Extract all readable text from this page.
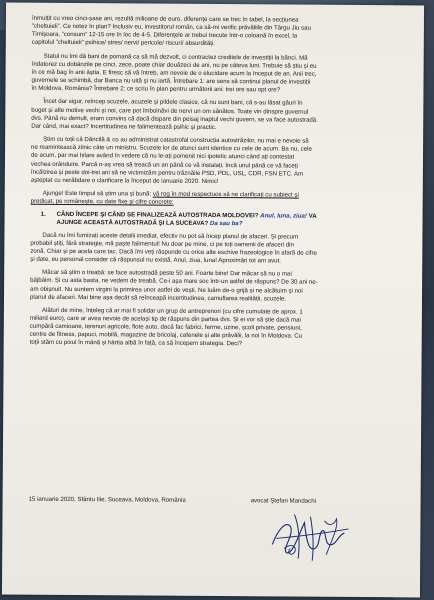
înmulțit cu vreo cinci-șase ani, rezultă milioane de euro, diferențe care se trec în tabel, la secțiunea
”cheltuieli”. Ce notez în plan? Inclusiv eu, investitorul român, ca să-mi verific prăvăliile din Târgu Jiu sau
Timișoara, ”consum” 12-15 ore în loc de 4-5. Diferențele ar trebui trecute într-o coloană în excel, la
capitolul ”cheltuieli” psihice/ stres/ nervi/ pericole/ riscuri/ absurdități.
Statul nu îmi dă bani de pomană ca să mă dezvolt, ci contractez creditele de investiții la bănci. Mă
îndatorez cu dobânzile pe cinci, zece, poate chiar douăzeci de ani, nu pe câteva luni. Trebuie să știu și eu
în ce mă bag în anii ăștia. E firesc să vă întreb, am nevoie de o elucidare acum la început de an. Anii trec,
guvernele se schimbă, dar Banca nu uită și nu iartă. Întrebare 1: are sens să continui planul de investiții
în Moldova, România? Întrebare 2: ce scriu în plan pentru următorii ani: trei ore sau opt ore?
Încet dar sigur, reîncep scuzele, acuzele și pildele clasice, că nu sunt bani, că s-au lăsat găuri în
buget și alte motive vechi și noi, care pot îmbolnăvi de nervi un om sănătos. Toate vin dinspre guvernul
dvs. Până nu demult, eram convins că dacă dispare din peisaj inaptul vechi guvern, se va face autostradă.
Dar când, mai exact? Incertitudinea ne falimentează psihic și practic.
Știm cu toții că Dăncilă & co au administrat catastrofal construcția autostrăzilor, nu mai e nevoie să
ne reamintească zilnic câte un ministru. Scuzele lor de atunci sunt identice cu cele de acum. Ba nu, cele
de acum, par mai hilare având în vedere că nu le-ați pomenit nici ipotetic atunci când ați contestat
vechea orânduire. Parcă n-aș vrea să treacă un an până ce vă instalați, încă unul până ce vă faceți
încălzirea și peste doi-trei ani să ne victimizăm pentru trăznăile PSD, PDL, USL, CDR, FSN ETC. Am
așteptat cu nerăbdare o clarificare la început de ianuarie 2020. Nimic!
Ajunge! Este timpul să știm una și bună: vă rog în mod respectuos să ne clarificați cu subiect și
predicat, pe românește, cu date fixe și cifre concrete:
1. CÂND ÎNCEPE ȘI CÂND SE FINALIZEAZĂ AUTOSTRADA MOLDOVEI? Anul, luna, ziua! VA
AJUNGE ACEASTĂ AUTOSTRADĂ ȘI LA SUCEAVA? Da sau ba?
Dacă nu îmi furnizați aceste detalii imediat, efectiv nu pot să încep planul de afaceri. Și precum
probabil știți, fără strategie, mă paște falimentul! Nu doar pe mine, ci pe toți oamenii de afaceri din
zonă. Chiar și pe acela care tac. Dacă îmi veți răspunde cu orice alte eschive frazeologice în afară de cifre
și date, eu personal consider că răspunsul nu există. Anul, ziua, luna! Aproximări tot am avut.
Măcar să știm o treabă: se face autostradă peste 50 ani. Foarte bine! Dar măcar să nu o mai
bâjbâim. Și cu asta basta, ne vedem de treabă. Ce-i așa mare soc într-un astfel de răspuns? De 30 ani ne-
am obișnuit. Nu suntem virgini la primirea unor astfel de vești. Ne luăm de-o grijă și ne alcătuim și noi
planul de afaceri. Mai bine așa decât să reînceapă incertitudinea, camuflarea realității, scuzele.
Alături de mine, înțeleg că ar mai fi solidar un grup de antreprenori (cu cifre cumulate de aprox. 1
miliard euro), care ar avea nevoie de același tip de răspuns din partea dvs. Și ei vor să știe dacă mai
cumpără camioane, terenuri agricole, flote auto, dacă fac fabrici, ferme, uzine, școli private, pensiuni,
centre de fitness, papuci, mobilă, magazine de bricolaj, cafenele și alte prăvălii, la noi în Moldova. Cu
toții stăm cu pixul în mână și hârtia albă în față, ca să începem strategia. Deci?
15 ianuarie 2020, Sfântu Ilie, Suceava, Moldova, România	avocat Ștefan Mandachi
